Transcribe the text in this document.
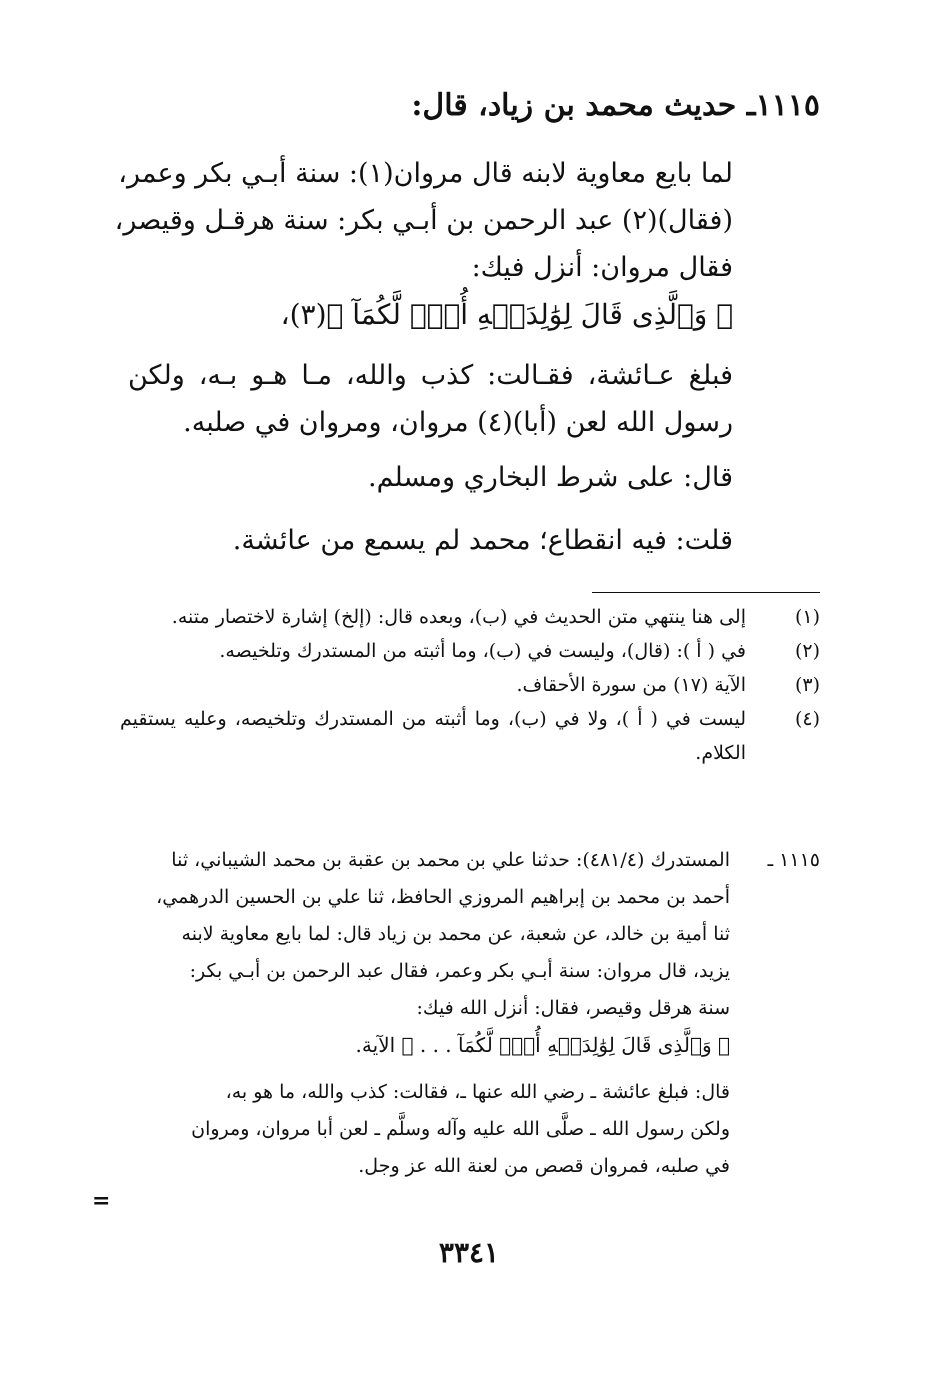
١١١٥ـ حديث محمد بن زياد، قال:
لما بايع معاوية لابنه قال مروان(١): سنة أبـي بكر وعمر،
(فقال)(٢) عبد الرحمن بن أبـي بكر: سنة هرقـل وقيصر،
فقال مروان: أنزل فيك:
﴿ وَٱلَّذِى قَالَ لِوَٰلِدَيۡهِ أُفّٖ لَّكُمَآ ﴾(٣)،
فبلغ عـائشة، فقـالت: كذب والله، مـا هـو بـه، ولكن
رسول الله لعن (أبا)(٤) مروان، ومروان في صلبه.
قال: على شرط البخاري ومسلم.
قلت: فيه انقطاع؛ محمد لم يسمع من عائشة.
(١)
إلى هنا ينتهي متن الحديث في (ب)، وبعده قال: (إلخ) إشارة لاختصار متنه.
(٢)
في ( أ ): (قال)، وليست في (ب)، وما أثبته من المستدرك وتلخيصه.
(٣)
الآية (١٧) من سورة الأحقاف.
(٤)
ليست في ( أ )، ولا في (ب)، وما أثبته من المستدرك وتلخيصه، وعليه يستقيم الكلام.
١١١٥ ـ
المستدرك (٤٨١/٤): حدثنا علي بن محمد بن عقبة بن محمد الشيباني، ثنا
أحمد بن محمد بن إبراهيم المروزي الحافظ، ثنا علي بن الحسين الدرهمي،
ثنا أمية بن خالد، عن شعبة، عن محمد بن زياد قال: لما بايع معاوية لابنه
يزيد، قال مروان: سنة أبـي بكر وعمر، فقال عبد الرحمن بن أبـي بكر:
سنة هرقل وقيصر، فقال: أنزل الله فيك:
﴿ وَٱلَّذِى قَالَ لِوَٰلِدَيۡهِ أُفّٖ لَّكُمَآ . . . ﴾ الآية.
قال: فبلغ عائشة ـ رضي الله عنها ـ، فقالت: كذب والله، ما هو به،
ولكن رسول الله ـ صلَّى الله عليه وآله وسلَّم ـ لعن أبا مروان، ومروان
في صلبه، فمروان قصص من لعنة الله عز وجل.
=
٣٣٤١
